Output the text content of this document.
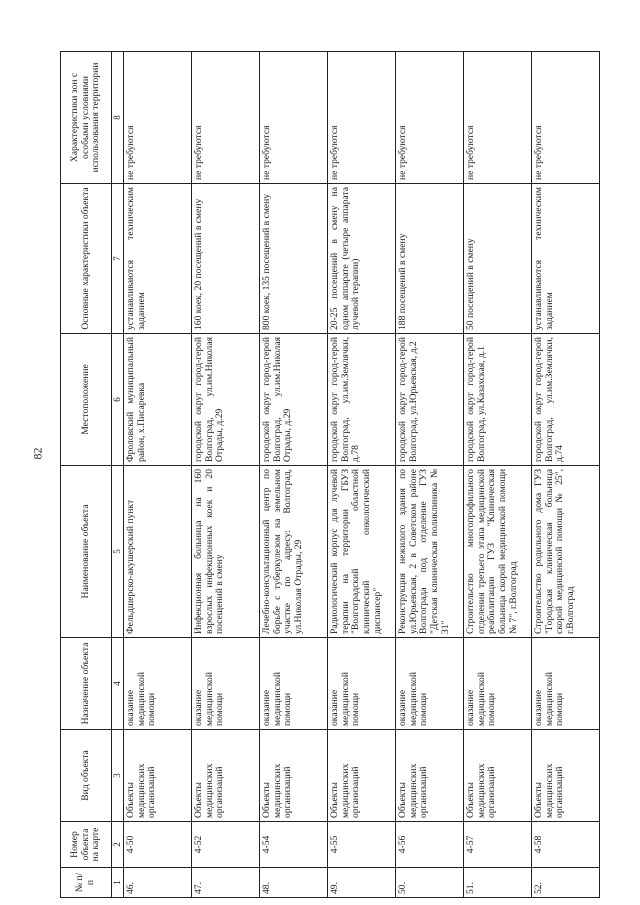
82
№ п/п	Номер объекта на карте	Вид объекта	Назначение объекта	Наименование объекта	Местоположение	Основные характеристики объекта	Характеристики зон с особыми условиями использования территории
1	2	3	4	5	6	7	8
46.	4-50	Объекты медицинских организаций	оказание медицинской помощи	Фельдшерско-акушерский пункт	Фроловский муниципальный район, х.Писаревка	устанавливаются техническим заданием	не требуются
47.	4-52	Объекты медицинских организаций	оказание медицинской помощи	Инфекционная больница на 160 взрослых инфекционных коек и 20 посещений в смену	городской округ город-герой Волгоград, ул.им.Николая Отрады, д.29	160 коек, 20 посещений в смену	не требуются
48.	4-54	Объекты медицинских организаций	оказание медицинской помощи	Лечебно-консультационный центр по борьбе с туберкулезом на земельном участке по адресу: Волгоград, ул.Николая Отрады, 29	городской округ город-герой Волгоград, ул.им.Николая Отрады, д.29	800 коек, 135 посещений в смену	не требуются
49.	4-55	Объекты медицинских организаций	оказание медицинской помощи	Радиологический корпус для лучевой терапии на территории ГБУЗ "Волгоградский областной клинический онкологический диспансер"	городской округ город-герой Волгоград, ул.им.Землячки, д.78	20-25 посещений в смену на одном аппарате (четыре аппарата лучевой терапии)	не требуются
50.	4-56	Объекты медицинских организаций	оказание медицинской помощи	Реконструкция нежилого здания по ул.Юрьевская, 2 в Советском районе Волгограда под отделение ГУЗ "Детская клиническая поликлиника № 31"	городской округ город-герой Волгоград, ул.Юрьевская, д.2	188 посещений в смену	не требуются
51.	4-57	Объекты медицинских организаций	оказание медицинской помощи	Строительство многопрофильного отделения третьего этапа медицинской реабилитации ГУЗ "Клиническая больница скорой медицинской помощи № 7", г.Волгоград	городской округ город-герой Волгоград, ул.Казахская, д.1	50 посещений в смену	не требуются
52.	4-58	Объекты медицинских организаций	оказание медицинской помощи	Строительство родильного дома ГУЗ "Городская клиническая больница скорой медицинской помощи № 25", г.Волгоград	городской округ город-герой Волгоград, ул.им.Землячки, д.74	устанавливаются техническим заданием	не требуются
